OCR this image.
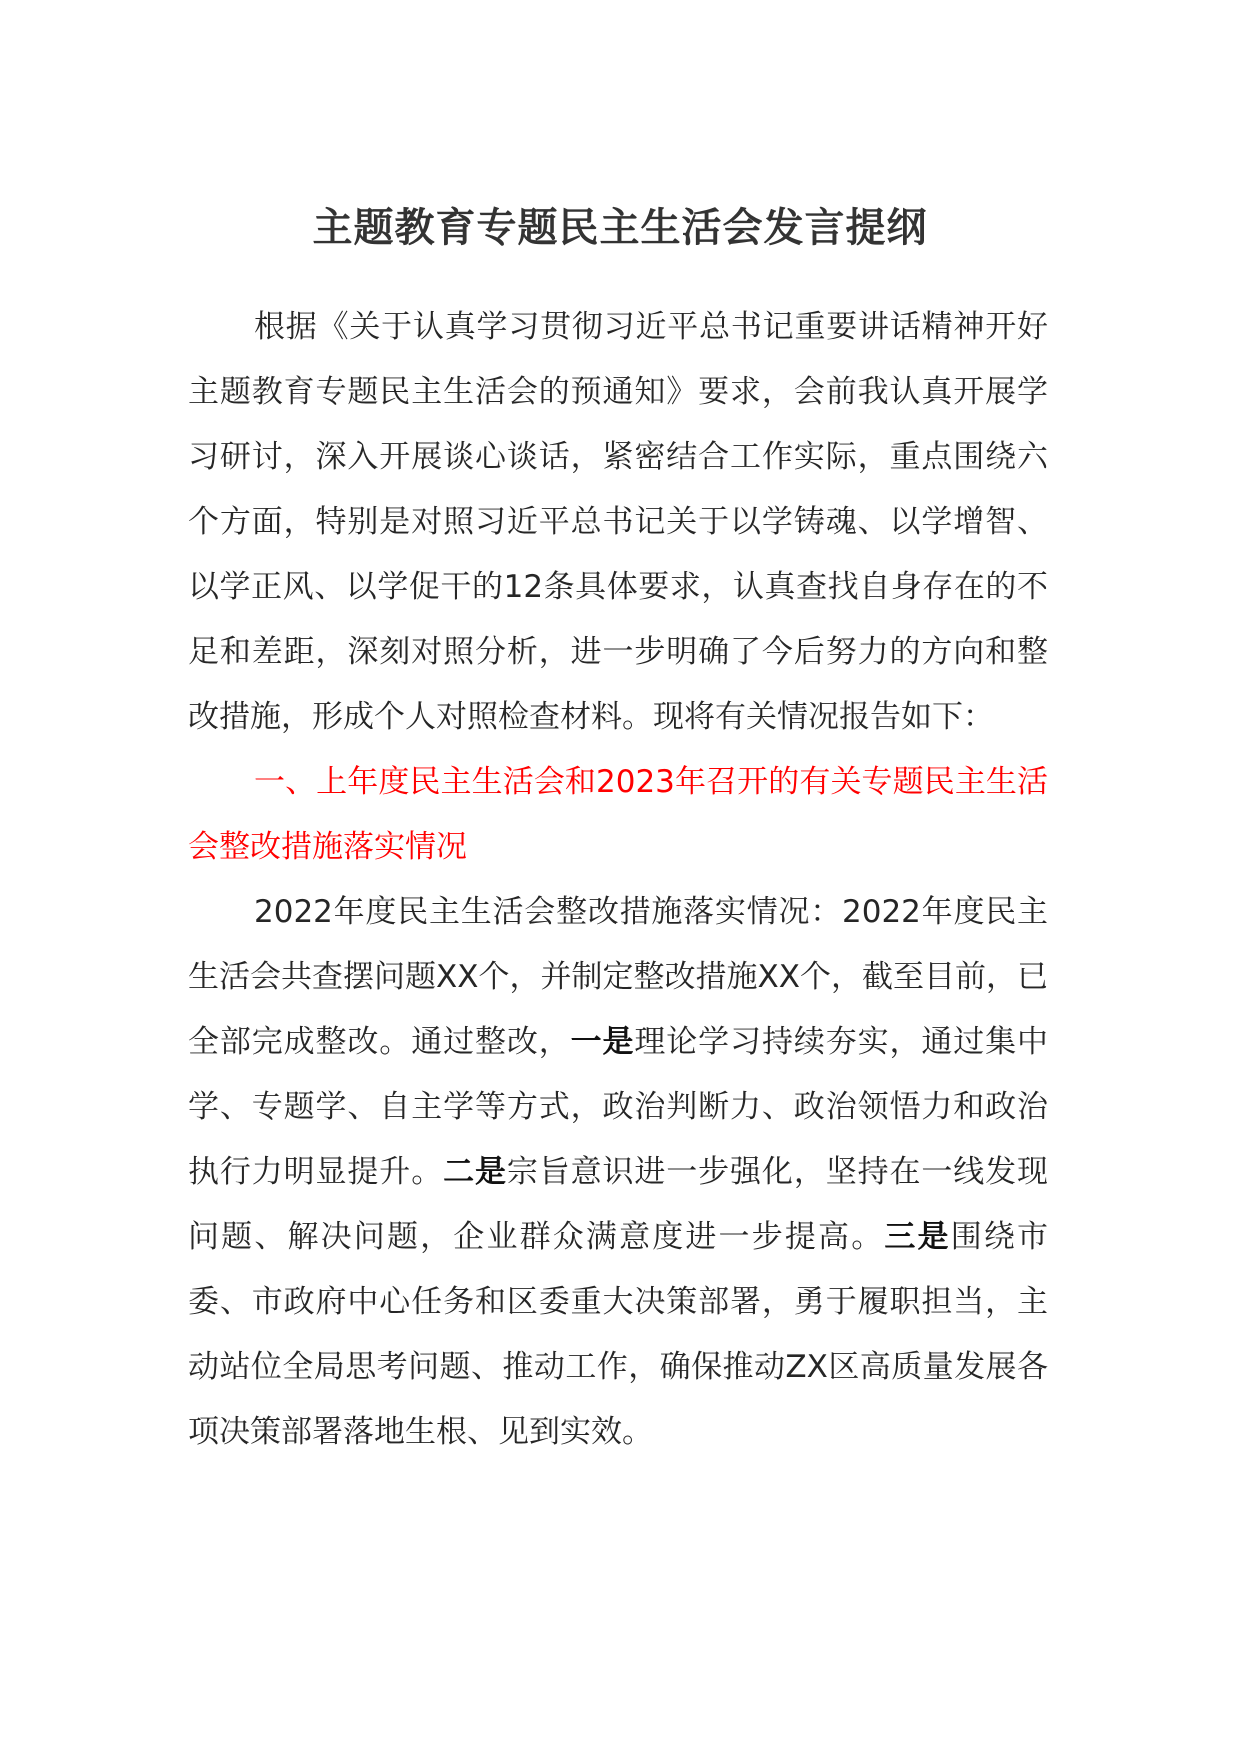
主题教育专题民主生活会发言提纲

根据《关于认真学习贯彻习近平总书记重要讲话精神开好主题教育专题民主生活会的预通知》要求，会前我认真开展学习研讨，深入开展谈心谈话，紧密结合工作实际，重点围绕六个方面，特别是对照习近平总书记关于以学铸魂、以学增智、以学正风、以学促干的12条具体要求，认真查找自身存在的不足和差距，深刻对照分析，进一步明确了今后努力的方向和整改措施，形成个人对照检查材料。现将有关情况报告如下：

一、上年度民主生活会和2023年召开的有关专题民主生活会整改措施落实情况

2022年度民主生活会整改措施落实情况：2022年度民主生活会共查摆问题XX个，并制定整改措施XX个，截至目前，已全部完成整改。通过整改，一是理论学习持续夯实，通过集中学、专题学、自主学等方式，政治判断力、政治领悟力和政治执行力明显提升。二是宗旨意识进一步强化，坚持在一线发现问题、解决问题，企业群众满意度进一步提高。三是围绕市委、市政府中心任务和区委重大决策部署，勇于履职担当，主动站位全局思考问题、推动工作，确保推动ZX区高质量发展各项决策部署落地生根、见到实效。
